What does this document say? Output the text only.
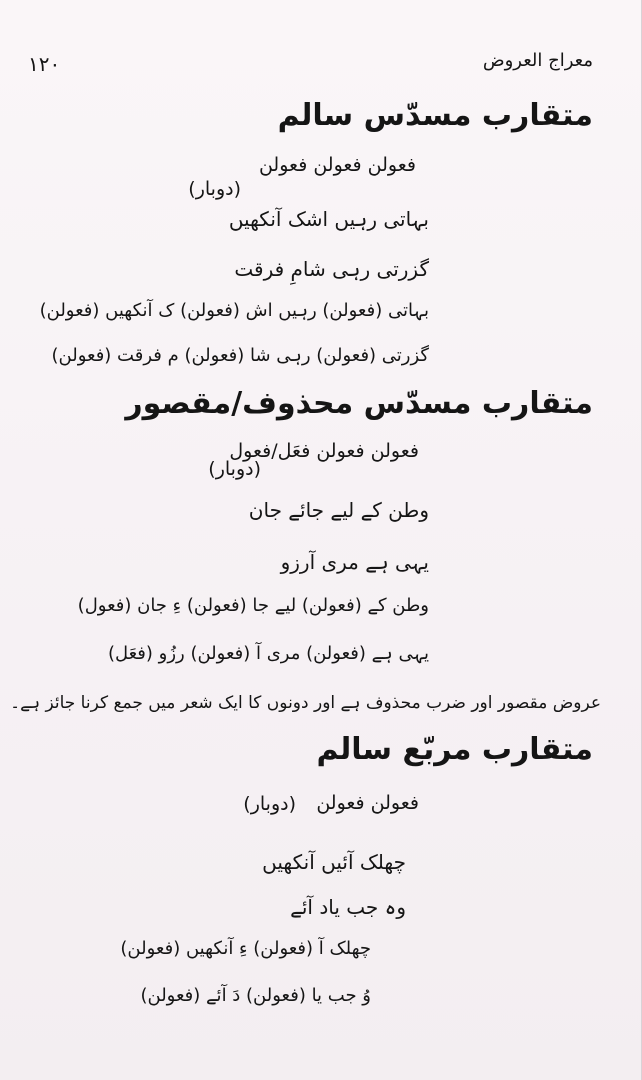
١٢٠	معراج العروض
متقارب مسدّس سالم
فعولن فعولن فعولن
(دوبار)
بہاتی رہیں اشک آنکھیں
گزرتی رہی شامِ فرقت
بہاتی (فعولن) رہیں اش (فعولن) ک آنکھیں (فعولن)
گزرتی (فعولن) رہی شا (فعولن) م فرقت (فعولن)
متقارب مسدّس محذوف/مقصور
فعولن فعولن فعَل/فعول
(دوبار)
وطن کے لیے جائے جان
یہی ہے مری آرزو
وطن کے (فعولن) لیے جا (فعولن) ءِ جان (فعول)
یہی ہے (فعولن) مری آ (فعولن) رزُو (فعَل)
عروض مقصور اور ضرب محذوف ہے اور دونوں کا ایک شعر میں جمع کرنا جائز ہے۔
متقارب مربّع سالم
فعولن فعولن
(دوبار)
چھلک آئیں آنکھیں
وہ جب یاد آئے
چھلک آ (فعولن) ءِ آنکھیں (فعولن)
وُ جب یا (فعولن) دَ آئے (فعولن)
